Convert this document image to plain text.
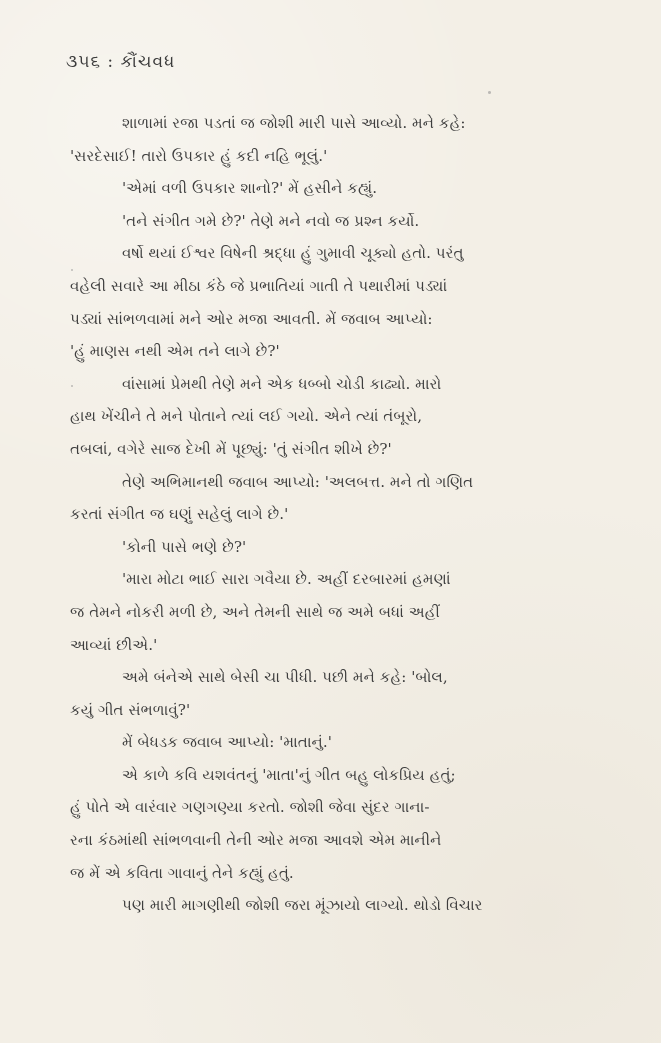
૩૫૬ : કૌંચવધ
શાળામાં રજા પડતાં જ જોશી મારી પાસે આવ્યો. મને કહે:
'સરદેસાઈ! તારો ઉપકાર હું કદી નહિ ભૂલું.'
'એમાં વળી ઉપકાર શાનો?' મેં હસીને કહ્યું.
'તને સંગીત ગમે છે?' તેણે મને નવો જ પ્રશ્ન કર્યો.
વર્ષો થયાં ઈશ્વર વિષેની શ્રદ્ધા હું ગુમાવી ચૂક્યો હતો. પરંતુ
વહેલી સવારે આ મીઠા કંઠે જે પ્રભાતિયાં ગાતી તે પથારીમાં પડ્યાં
પડ્યાં સાંભળવામાં મને ઓર મજા આવતી. મેં જવાબ આપ્યો:
'હું માણસ નથી એમ તને લાગે છે?'
વાંસામાં પ્રેમથી તેણે મને એક ધબ્બો ચોડી કાઢ્યો. મારો
હાથ ખેંચીને તે મને પોતાને ત્યાં લઈ ગયો. એને ત્યાં તંબૂરો,
તબલાં, વગેરે સાજ દેખી મેં પૂછ્યું: 'તું સંગીત શીખે છે?'
તેણે અભિમાનથી જવાબ આપ્યો: 'અલબત્ત. મને તો ગણિત
કરતાં સંગીત જ ઘણું સહેલું લાગે છે.'
'કોની પાસે ભણે છે?'
'મારા મોટા ભાઈ સારા ગવૈયા છે. અહીં દરબારમાં હમણાં
જ તેમને નોકરી મળી છે, અને તેમની સાથે જ અમે બધાં અહીં
આવ્યાં છીએ.'
અમે બંનેએ સાથે બેસી ચા પીધી. પછી મને કહે: 'બોલ,
કયું ગીત સંભળાવું?'
મેં બેધડક જવાબ આપ્યો: 'માતાનું.'
એ કાળે કવિ યશવંતનું 'માતા'નું ગીત બહુ લોકપ્રિય હતું;
હું પોતે એ વારંવાર ગણગણ્યા કરતો. જોશી જેવા સુંદર ગાના-
રના કંઠમાંથી સાંભળવાની તેની ઓર મજા આવશે એમ માનીને
જ મેં એ કવિતા ગાવાનું તેને કહ્યું હતું.
પણ મારી માગણીથી જોશી જરા મૂંઝાયો લાગ્યો. થોડો વિચાર
